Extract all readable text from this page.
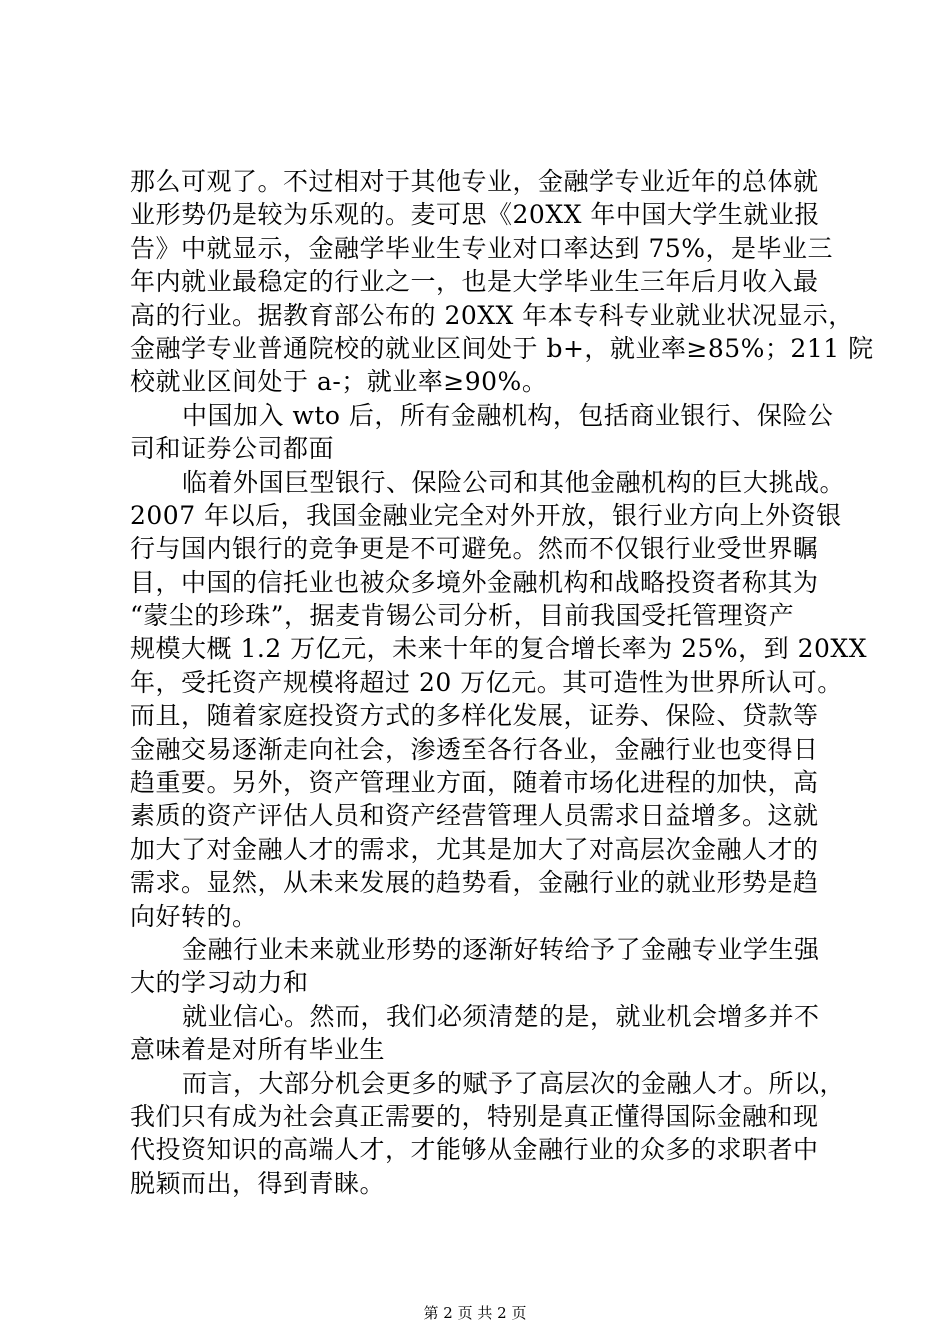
那么可观了。不过相对于其他专业，金融学专业近年的总体就
业形势仍是较为乐观的。麦可思《20XX 年中国大学生就业报
告》中就显示，金融学毕业生专业对口率达到 75%，是毕业三
年内就业最稳定的行业之一，也是大学毕业生三年后月收入最
高的行业。据教育部公布的 20XX 年本专科专业就业状况显示，
金融学专业普通院校的就业区间处于 b+，就业率≥85%；211 院
校就业区间处于 a-；就业率≥90%。
中国加入 wto 后，所有金融机构，包括商业银行、保险公
司和证券公司都面
临着外国巨型银行、保险公司和其他金融机构的巨大挑战。
2007 年以后，我国金融业完全对外开放，银行业方向上外资银
行与国内银行的竞争更是不可避免。然而不仅银行业受世界瞩
目，中国的信托业也被众多境外金融机构和战略投资者称其为
“蒙尘的珍珠”，据麦肯锡公司分析，目前我国受托管理资产
规模大概 1.2 万亿元，未来十年的复合增长率为 25%，到 20XX
年，受托资产规模将超过 20 万亿元。其可造性为世界所认可。
而且，随着家庭投资方式的多样化发展，证券、保险、贷款等
金融交易逐渐走向社会，渗透至各行各业，金融行业也变得日
趋重要。另外，资产管理业方面，随着市场化进程的加快，高
素质的资产评估人员和资产经营管理人员需求日益增多。这就
加大了对金融人才的需求，尤其是加大了对高层次金融人才的
需求。显然，从未来发展的趋势看，金融行业的就业形势是趋
向好转的。
金融行业未来就业形势的逐渐好转给予了金融专业学生强
大的学习动力和
就业信心。然而，我们必须清楚的是，就业机会增多并不
意味着是对所有毕业生
而言，大部分机会更多的赋予了高层次的金融人才。所以，
我们只有成为社会真正需要的，特别是真正懂得国际金融和现
代投资知识的高端人才，才能够从金融行业的众多的求职者中
脱颖而出，得到青睐。
第 2 页 共 2 页
